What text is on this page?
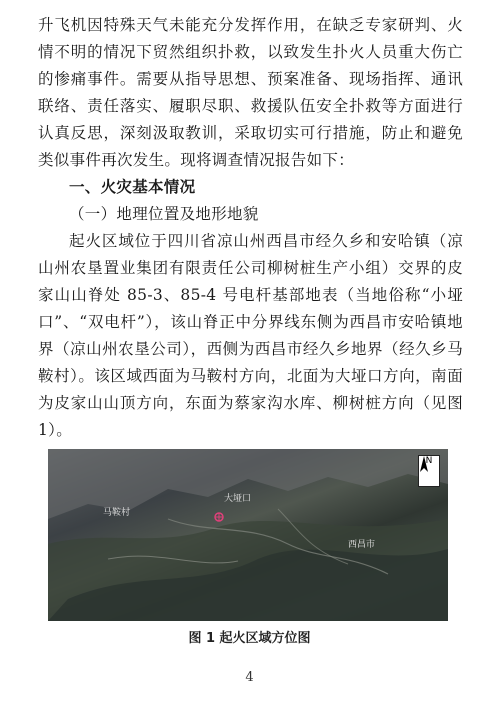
升飞机因特殊天气未能充分发挥作用，在缺乏专家研判、火情不明的情况下贸然组织扑救，以致发生扑火人员重大伤亡的惨痛事件。需要从指导思想、预案准备、现场指挥、通讯联络、责任落实、履职尽职、救援队伍安全扑救等方面进行认真反思，深刻汲取教训，采取切实可行措施，防止和避免类似事件再次发生。现将调查情况报告如下：

一、火灾基本情况

（一）地理位置及地形地貌

起火区域位于四川省凉山州西昌市经久乡和安哈镇（凉山州农垦置业集团有限责任公司柳树桩生产小组）交界的皮家山山脊处 85-3、85-4 号电杆基部地表（当地俗称“小垭口”、“双电杆”），该山脊正中分界线东侧为西昌市安哈镇地界（凉山州农垦公司），西侧为西昌市经久乡地界（经久乡马鞍村）。该区域西面为马鞍村方向，北面为大垭口方向，南面为皮家山山顶方向，东面为蔡家沟水库、柳树桩方向（见图 1）。

马鞍村
大垭口
西昌市
N
图 1 起火区域方位图
4
